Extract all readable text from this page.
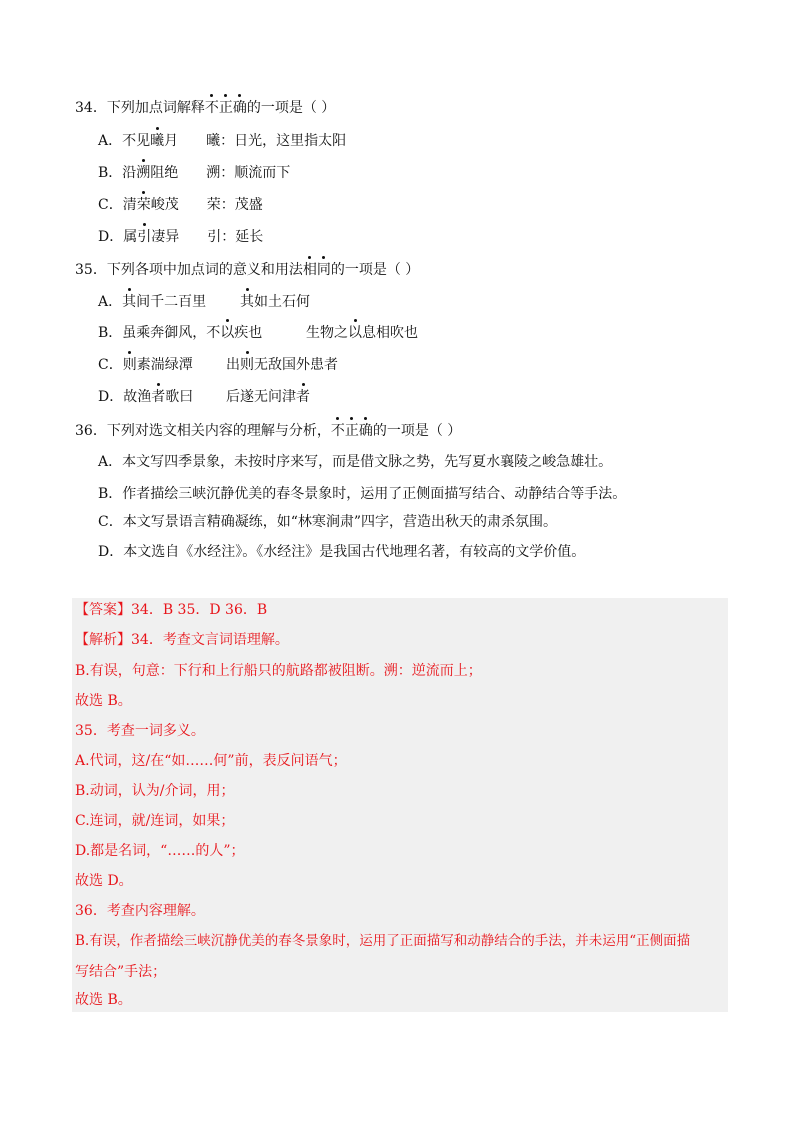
34．下列加点词解释不正确的一项是（ ）
A．不见曦月 曦：日光，这里指太阳
B．沿溯阻绝 溯：顺流而下
C．清荣峻茂 荣：茂盛
D．属引凄异 引：延长
35．下列各项中加点词的意义和用法相同的一项是（ ）
A．其间千二百里 其如土石何
B．虽乘奔御风，不以疾也	生物之以息相吹也
C．则素湍绿潭 出则无敌国外患者
D．故渔者歌曰 后遂无问津者
36．下列对选文相关内容的理解与分析，不正确的一项是（ ）
A．本文写四季景象，未按时序来写，而是借文脉之势，先写夏水襄陵之峻急雄壮。
B．作者描绘三峡沉静优美的春冬景象时，运用了正侧面描写结合、动静结合等手法。
C．本文写景语言精确凝练，如“林寒涧肃”四字，营造出秋天的肃杀氛围。
D．本文选自《水经注》。《水经注》是我国古代地理名著，有较高的文学价值。
【答案】34．B 35．D 36．B
【解析】34．考查文言词语理解。
B.有误，句意：下行和上行船只的航路都被阻断。溯：逆流而上；
故选 B。
35．考查一词多义。
A.代词，这/在“如……何”前，表反问语气；
B.动词，认为/介词，用；
C.连词，就/连词，如果；
D.都是名词，“……的人”；
故选 D。
36．考查内容理解。
B.有误，作者描绘三峡沉静优美的春冬景象时，运用了正面描写和动静结合的手法，并未运用“正侧面描
写结合”手法；
故选 B。
